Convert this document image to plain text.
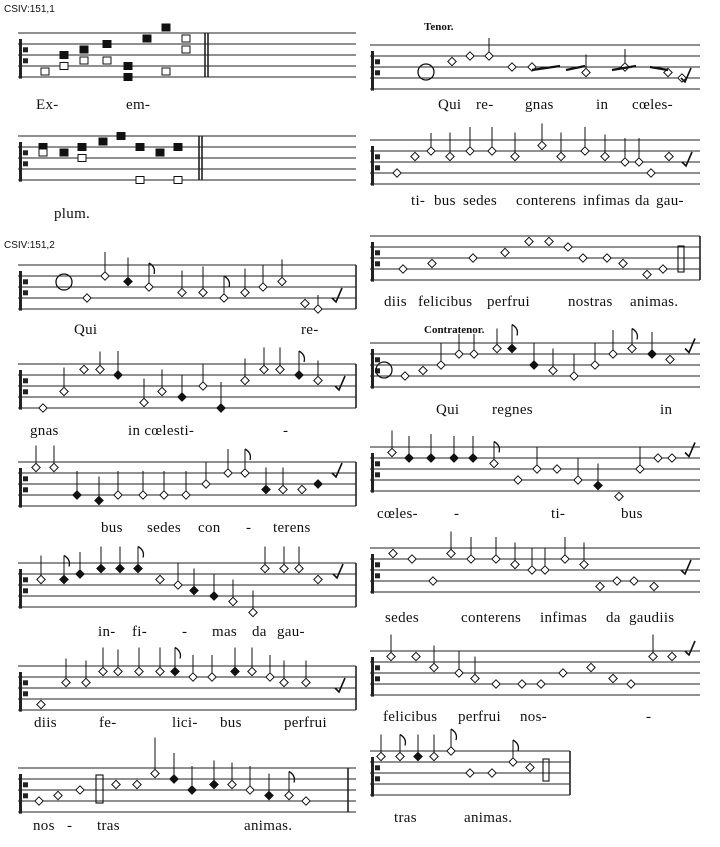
CSIV:151,1
CSIV:151,2
Tenor.
Contratenor.
Ex-	em-
plum.
Qui	re-
gnas	in cœlesti-	-
bus sedes con - terens
in- fi- - mas da gau-
diis	fe-	lici- bus	perfrui
nos - tras	animas.
Qui re- gnas	in cœles-
ti- bus sedes conterens infimas da gau-
diis felicibus perfrui	nostras animas.
Qui regnes	in
cœles- -	ti-	bus
sedes	conterens infimas da gaudiis
felicibus perfrui nos-	-
tras	animas.
